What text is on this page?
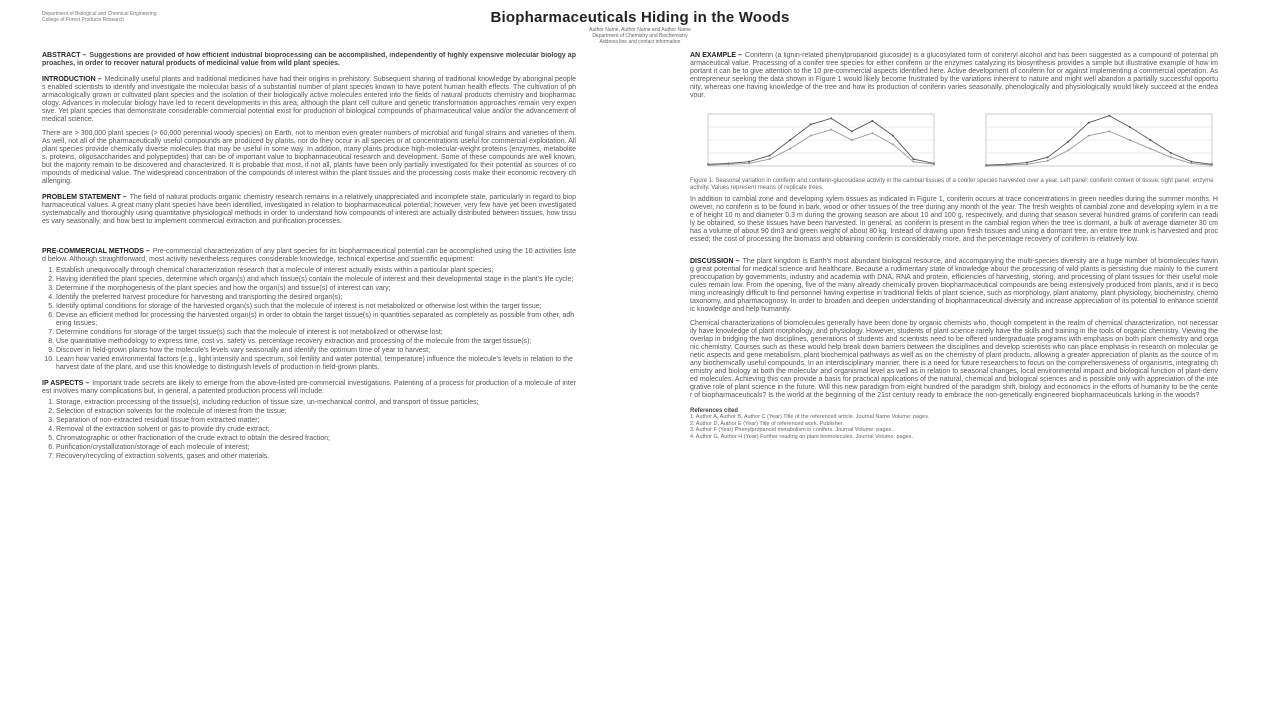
Department of Biological and Chemical Engineering
College of Forest Products Research	Biopharmaceuticals Hiding in the Woods
Author Name, Author Name and Author Name
Department of Chemistry and Biochemistry
Address line and contact information
ABSTRACT – Suggestions are provided of how efficient industrial bioprocessing can be accomplished, independently of highly expensive molecular biology approaches, in order to recover natural products of medicinal value from wild plant species.
INTRODUCTION – Medicinally useful plants and traditional medicines have had their origins in prehistory. Subsequent sharing of traditional knowledge by aboriginal peoples enabled scientists to identify and investigate the molecular basis of a substantial number of plant species known to have potent human health effects. The cultivation of pharmacologically grown or cultivated plant species and the isolation of their biologically active molecules entered into the fields of natural products chemistry and biopharmacology. Advances in molecular biology have led to recent developments in this area, although the plant cell culture and genetic transformation approaches remain very expensive. Yet plant species that demonstrate considerable commercial potential exist for production of biological compounds of pharmaceutical value and/or the advancement of medical science.
There are > 300,000 plant species (> 60,000 perennial woody species) on Earth, not to mention even greater numbers of microbial and fungal strains and varieties of them. As well, not all of the pharmaceutically useful compounds are produced by plants, nor do they occur in all species or at concentrations useful for commercial exploitation. All plant species provide chemically diverse molecules that may be useful in some way. In addition, many plants produce high-molecular-weight proteins (enzymes, metabolites, proteins, oligosaccharides and polypeptides) that can be of important value to biopharmaceutical research and development. Some of these compounds are well known, but the majority remain to be discovered and characterized. It is probable that most, if not all, plants have been only partially investigated for their potential as sources of compounds of medicinal value. The widespread concentration of the compounds of interest within the plant tissues and the processing costs make their economic recovery challenging.
PROBLEM STATEMENT – The field of natural products organic chemistry research remains in a relatively unappreciated and incomplete state, particularly in regard to biopharmaceutical values. A great many plant species have been identified, investigated in relation to biopharmaceutical potential; however, very few have yet been investigated systematically and thoroughly using quantitative physiological methods in order to understand how compounds of interest are actually distributed between tissues, how tissues vary seasonally, and how best to implement commercial extraction and purification processes.
PRE-COMMERCIAL METHODS – Pre-commercial characterization of any plant species for its biopharmaceutical potential can be accomplished using the 10 activities listed below. Although straightforward, most activity nevertheless requires considerable knowledge, technical expertise and scientific equipment:
1. Establish unequivocally through chemical characterization research that a molecule of interest actually exists within a particular plant species;
2. Having identified the plant species, determine which organ(s) and which tissue(s) contain the molecule of interest and their developmental stage in the plant's life cycle;
3. Determine if the morphogenesis of the plant species and how the organ(s) and tissue(s) of interest can vary;
4. Identify the preferred harvest procedure for harvesting and transporting the desired organ(s);
5. Identify optimal conditions for storage of the harvested organ(s) such that the molecule of interest is not metabolized or otherwise lost within the target tissue;
6. Devise an efficient method for processing the harvested organ(s) in order to obtain the target tissue(s) in quantities separated as completely as possible from other, adhering tissues;
7. Determine conditions for storage of the target tissue(s) such that the molecule of interest is not metabolized or otherwise lost;
8. Use quantitative methodology to express time, cost vs. safety vs. percentage recovery extraction and processing of the molecule from the target tissue(s);
9. Discover in field-grown plants how the molecule's levels vary seasonally and identify the optimum time of year to harvest;
10. Learn how varied environmental factors (e.g., light intensity and spectrum, soil fertility and water potential, temperature) influence the molecule's levels in relation to the harvest date of the plant, and use this knowledge to distinguish levels of production in field-grown plants.
IP ASPECTS – Important trade secrets are likely to emerge from the above-listed pre-commercial investigations. Patenting of a process for production of a molecule of interest involves many complications but, in general, a patented production process will include:
1. Storage, extraction processing of the tissue(s), including reduction of tissue size, un-mechanical control, and transport of tissue particles;
2. Selection of extraction solvents for the molecule of interest from the tissue;
3. Separation of non-extracted residual tissue from extracted matter;
4. Removal of the extraction solvent or gas to provide dry crude extract;
5. Chromatographic or other fractionation of the crude extract to obtain the desired fraction;
6. Purification/crystallization/storage of each molecule of interest;
7. Recovery/recycling of extraction solvents, gases and other materials.
AN EXAMPLE – Coniferin (a lignin-related phenylpropanoid glucoside) is a glucosylated form of coniferyl alcohol and has been suggested as a compound of potential pharmaceutical value. Processing of a conifer tree species for either coniferin or the enzymes catalyzing its biosynthesis provides a simple but illustrative example of how important it can be to give attention to the 10 pre-commercial aspects identified here. Active development of coniferin for or against implementing a commercial operation. As entrepreneur seeking the data shown in Figure 1 would likely become frustrated by the variations inherent to nature and might well abandon a partially successful opportunity, whereas one having knowledge of the tree and how its production of coniferin varies seasonally, phenologically and physiologically would likely succeed at the endeavour.
Figure 1. Seasonal variation in coniferin and coniferin-glucosidase activity in the cambial tissues of a conifer species harvested over a year. Left panel: coniferin content of tissue; right panel: enzyme activity. Values represent means of replicate trees.
In addition to cambial zone and developing xylem tissues as indicated in Figure 1, coniferin occurs at trace concentrations in green needles during the summer months. However, no coniferin is to be found in bark, wood or other tissues of the tree during any month of the year. The fresh weights of cambial zone and developing xylem in a tree of height 10 m and diameter 0.3 m during the growing season are about 10 and 100 g, respectively, and during that season several hundred grams of coniferin can readily be obtained, so these tissues have been harvested. In general, as coniferin is present in the cambial region when the tree is dormant, a bulk of average diameter 30 cm has a volume of about 90 dm3 and green weight of about 80 kg. Instead of drawing upon fresh tissues and using a dormant tree, an entire tree trunk is harvested and processed; the cost of processing the biomass and obtaining coniferin is considerably more, and the percentage recovery of coniferin is relatively low.
DISCUSSION – The plant kingdom is Earth's most abundant biological resource, and accompanying the multi-species diversity are a huge number of biomolecules having great potential for medical science and healthcare. Because a rudimentary state of knowledge about the processing of wild plants is persisting due mainly to the current preoccupation by governments, industry and academia with DNA, RNA and protein, efficiencies of harvesting, storing, and processing of plant tissues for their useful molecules remain low. From the opening, five of the many already chemically proven biopharmaceutical compounds are being extensively produced from plants, and it is becoming increasingly difficult to find personnel having expertise in traditional fields of plant science, such as morphology, plant anatomy, plant physiology, biochemistry, chemotaxonomy, and pharmacognosy. In order to broaden and deepen understanding of biopharmaceutical diversity and increase appreciation of its potential to enhance scientific knowledge and help humanity.
Chemical characterizations of biomolecules generally have been done by organic chemists who, though competent in the realm of chemical characterization, not necessarily have knowledge of plant morphology, and physiology. However, students of plant science rarely have the skills and training in the tools of organic chemistry. Viewing the overlap in bridging the two disciplines, generations of students and scientists need to be offered undergraduate programs with emphasis on both plant chemistry and organic chemistry. Courses such as these would help break down barriers between the disciplines and develop scientists who can place emphasis in research on molecular genetic aspects and gene metabolism, plant biochemical pathways as well as on the chemistry of plant products, allowing a greater appreciation of plants as the source of many biochemically useful compounds. In an interdisciplinary manner, there is a need for future researchers to focus on the comprehensiveness of organisms, integrating chemistry and biology at both the molecular and organismal level as well as in relation to seasonal changes, local environmental impact and biological function of plant-derived molecules. Achieving this can provide a basis for practical applications of the natural, chemical and biological sciences and is possible only with appreciation of the integrative role of plant science in the future. Will this new paradigm from eight hundred of the paradigm shift, biology and economics in the efforts of humanity to be the center of biopharmaceuticals? Is the world at the beginning of the 21st century ready to embrace the non-genetically engineered biopharmaceuticals lurking in the woods?
References cited
1. Author A, Author B, Author C (Year) Title of the referenced article. Journal Name Volume: pages.
2. Author D, Author E (Year) Title of referenced work. Publisher.
3. Author F (Year) Phenylpropanoid metabolism in conifers. Journal Volume: pages.
4. Author G, Author H (Year) Further reading on plant biomolecules. Journal Volume: pages.
